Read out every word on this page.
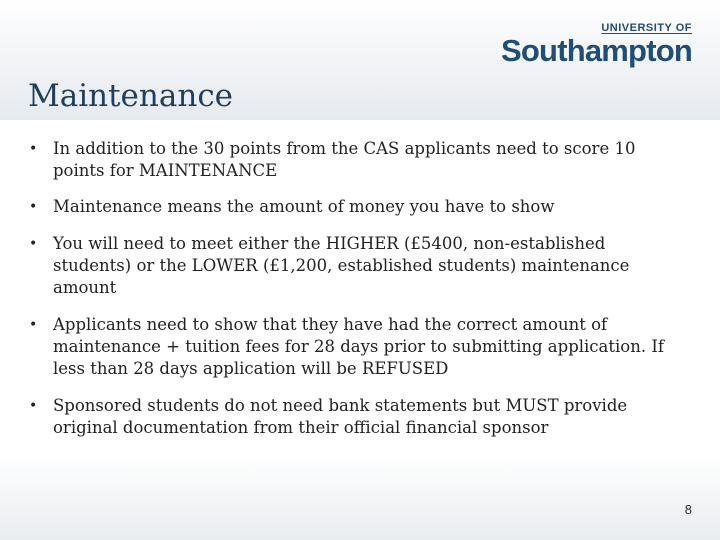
UNIVERSITY OF
Southampton
Maintenance
• In addition to the 30 points from the CAS applicants need to score 10 points for MAINTENANCE
• Maintenance means the amount of money you have to show
• You will need to meet either the HIGHER (£5400, non-established students) or the LOWER (£1,200, established students) maintenance amount
• Applicants need to show that they have had the correct amount of maintenance + tuition fees for 28 days prior to submitting application. If less than 28 days application will be REFUSED
• Sponsored students do not need bank statements but MUST provide original documentation from their official financial sponsor
8
